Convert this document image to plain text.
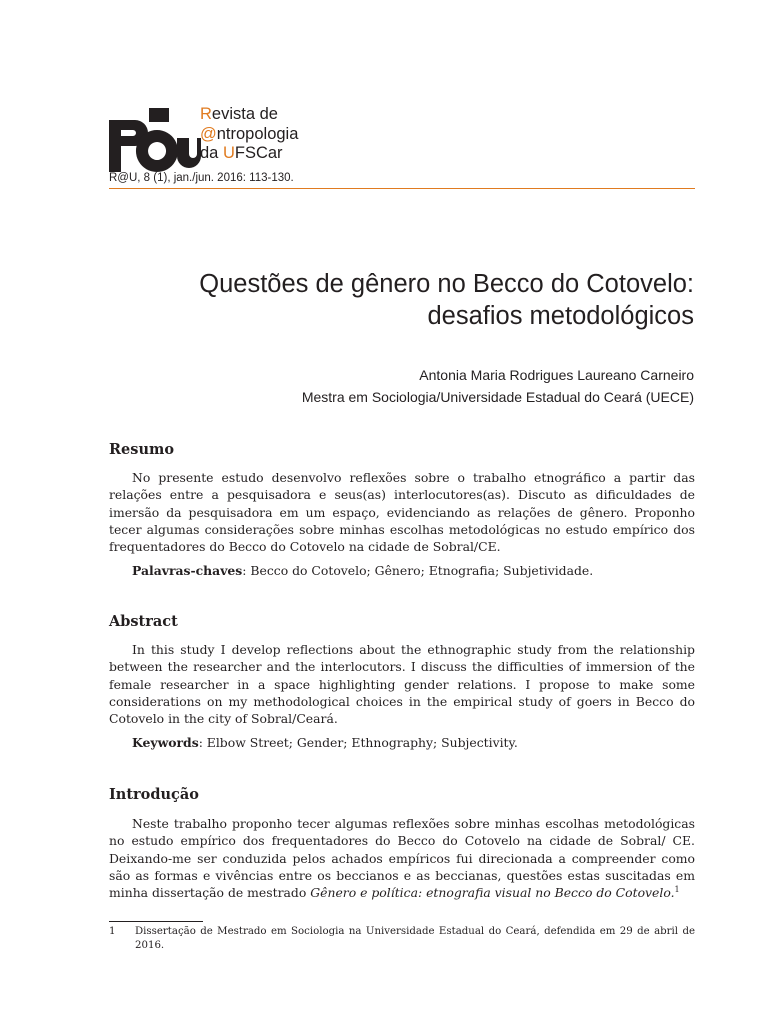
Revista de
@ntropologia
da UFSCar
R@U, 8 (1), jan./jun. 2016: 113-130.
Questões de gênero no Becco do Cotovelo:
desafios metodológicos
Antonia Maria Rodrigues Laureano Carneiro
Mestra em Sociologia/Universidade Estadual do Ceará (UECE)
Resumo

No presente estudo desenvolvo reflexões sobre o trabalho etnográfico a partir das relações entre a pesquisadora e seus(as) interlocutores(as). Discuto as dificuldades de imersão da pesquisadora em um espaço, evidenciando as relações de gênero. Proponho tecer algumas considerações sobre minhas escolhas metodológicas no estudo empírico dos frequentadores do Becco do Cotovelo na cidade de Sobral/CE.

Palavras-chaves: Becco do Cotovelo; Gênero; Etnografia; Subjetividade.

Abstract

In this study I develop reflections about the ethnographic study from the relationship between the researcher and the interlocutors. I discuss the difficulties of immersion of the female researcher in a space highlighting gender relations. I propose to make some considerations on my methodological choices in the empirical study of goers in Becco do Cotovelo in the city of Sobral/Ceará.

Keywords: Elbow Street; Gender; Ethnography; Subjectivity.

Introdução

Neste trabalho proponho tecer algumas reflexões sobre minhas escolhas metodológicas no estudo empírico dos frequentadores do Becco do Cotovelo na cidade de Sobral/ CE. Deixando-me ser conduzida pelos achados empíricos fui direcionada a compreender como são as formas e vivências entre os beccianos e as beccianas, questões estas suscitadas em minha dissertação de mestrado Gênero e política: etnografia visual no Becco do Cotovelo.$^1$

1	Dissertação de Mestrado em Sociologia na Universidade Estadual do Ceará, defendida em 29 de abril de 2016.
